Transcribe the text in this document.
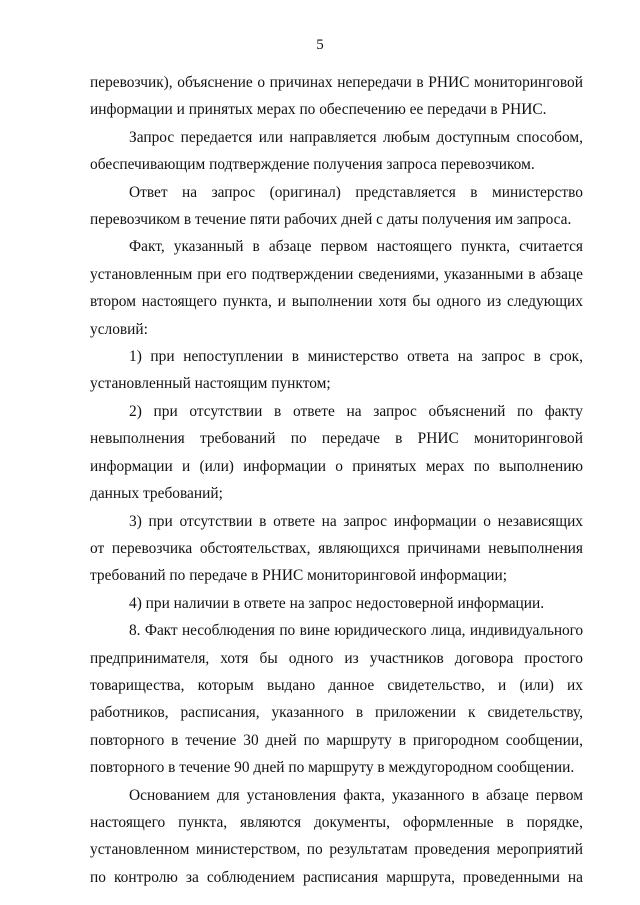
5
перевозчик), объяснение о причинах непередачи в РНИС мониторинговой
информации и принятых мерах по обеспечению ее передачи в РНИС.
Запрос передается или направляется любым доступным способом,
обеспечивающим подтверждение получения запроса перевозчиком.
Ответ на запрос (оригинал) представляется в министерство
перевозчиком в течение пяти рабочих дней с даты получения им запроса.
Факт, указанный в абзаце первом настоящего пункта, считается
установленным при его подтверждении сведениями, указанными в абзаце
втором настоящего пункта, и выполнении хотя бы одного из следующих
условий:
1) при непоступлении в министерство ответа на запрос в срок,
установленный настоящим пунктом;
2) при отсутствии в ответе на запрос объяснений по факту
невыполнения требований по передаче в РНИС мониторинговой
информации и (или) информации о принятых мерах по выполнению
данных требований;
3) при отсутствии в ответе на запрос информации о независящих
от перевозчика обстоятельствах, являющихся причинами невыполнения
требований по передаче в РНИС мониторинговой информации;
4) при наличии в ответе на запрос недостоверной информации.
8. Факт несоблюдения по вине юридического лица, индивидуального
предпринимателя, хотя бы одного из участников договора простого
товарищества, которым выдано данное свидетельство, и (или) их
работников, расписания, указанного в приложении к свидетельству,
повторного в течение 30 дней по маршруту в пригородном сообщении,
повторного в течение 90 дней по маршруту в междугородном сообщении.
Основанием для установления факта, указанного в абзаце первом
настоящего пункта, являются документы, оформленные в порядке,
установленном министерством, по результатам проведения мероприятий
по контролю за соблюдением расписания маршрута, проведенными на
